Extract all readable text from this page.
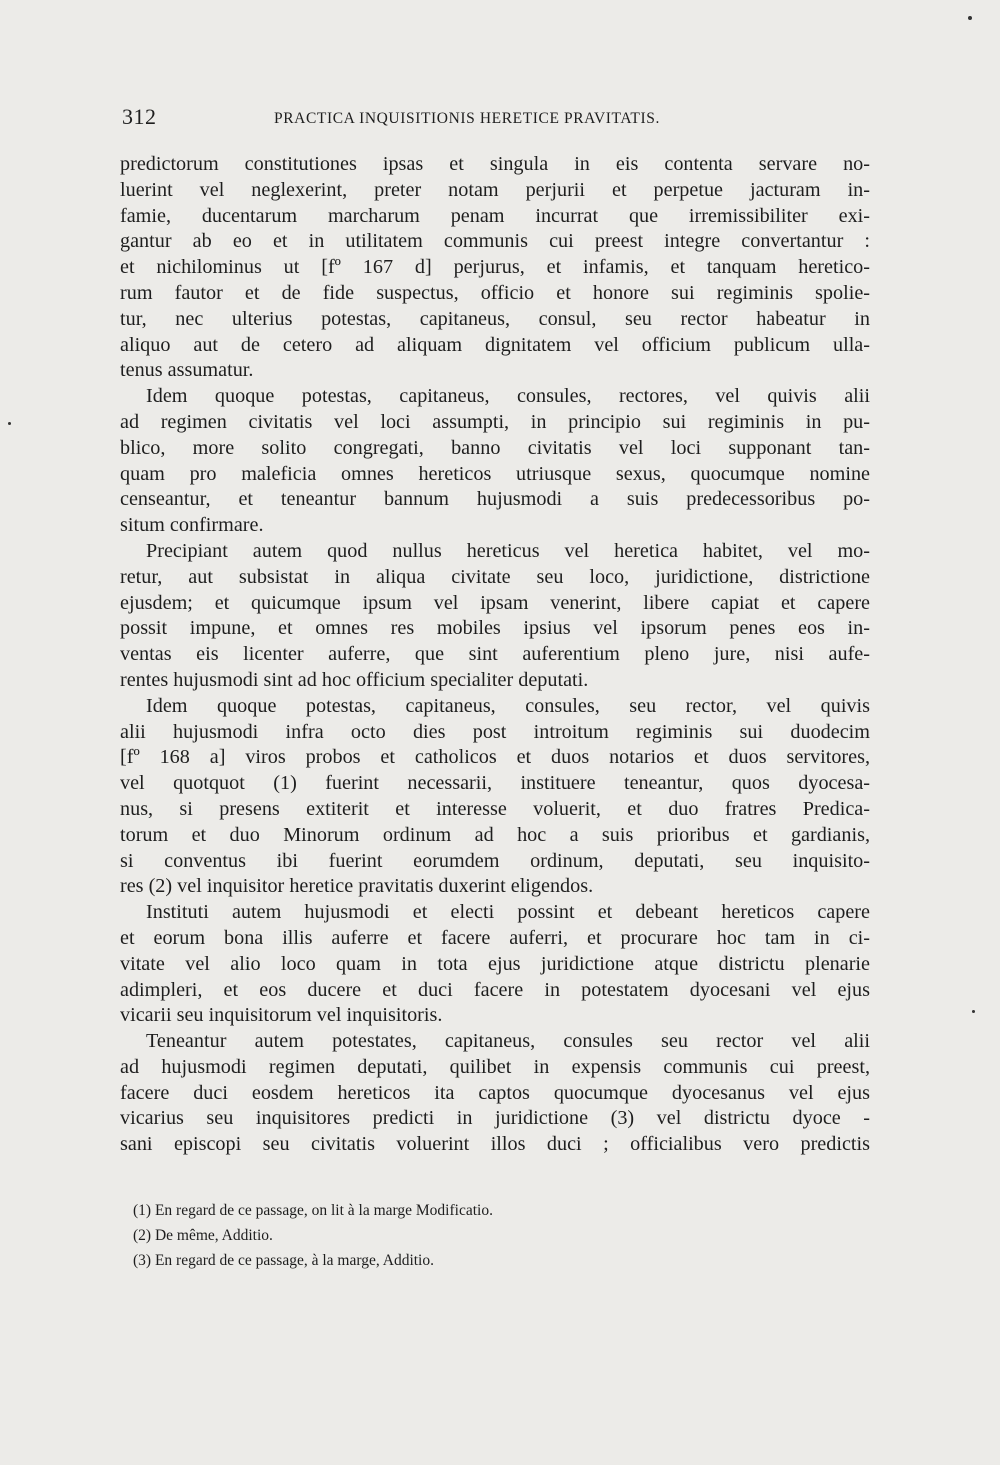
312	PRACTICA INQUISITIONIS HERETICE PRAVITATIS.
predictorum constitutiones ipsas et singula in eis contenta servare no-
luerint vel neglexerint, preter notam perjurii et perpetue jacturam in-
famie, ducentarum marcharum penam incurrat que irremissibiliter exi-
gantur ab eo et in utilitatem communis cui preest integre convertantur :
et nichilominus ut [fº 167 d] perjurus, et infamis, et tanquam heretico-
rum fautor et de fide suspectus, officio et honore sui regiminis spolie-
tur, nec ulterius potestas, capitaneus, consul, seu rector habeatur in
aliquo aut de cetero ad aliquam dignitatem vel officium publicum ulla-
tenus assumatur.
Idem quoque potestas, capitaneus, consules, rectores, vel quivis alii
ad regimen civitatis vel loci assumpti, in principio sui regiminis in pu-
blico, more solito congregati, banno civitatis vel loci supponant tan-
quam pro maleficia omnes hereticos utriusque sexus, quocumque nomine
censeantur, et teneantur bannum hujusmodi a suis predecessoribus po-
situm confirmare.
Precipiant autem quod nullus hereticus vel heretica habitet, vel mo-
retur, aut subsistat in aliqua civitate seu loco, juridictione, districtione
ejusdem; et quicumque ipsum vel ipsam venerint, libere capiat et capere
possit impune, et omnes res mobiles ipsius vel ipsorum penes eos in-
ventas eis licenter auferre, que sint auferentium pleno jure, nisi aufe-
rentes hujusmodi sint ad hoc officium specialiter deputati.
Idem quoque potestas, capitaneus, consules, seu rector, vel quivis
alii hujusmodi infra octo dies post introitum regiminis sui duodecim
[fº 168 a] viros probos et catholicos et duos notarios et duos servitores,
vel quotquot (1) fuerint necessarii, instituere teneantur, quos dyocesa-
nus, si presens extiterit et interesse voluerit, et duo fratres Predica-
torum et duo Minorum ordinum ad hoc a suis prioribus et gardianis,
si conventus ibi fuerint eorumdem ordinum, deputati, seu inquisito-
res (2) vel inquisitor heretice pravitatis duxerint eligendos.
Instituti autem hujusmodi et electi possint et debeant hereticos capere
et eorum bona illis auferre et facere auferri, et procurare hoc tam in ci-
vitate vel alio loco quam in tota ejus juridictione atque districtu plenarie
adimpleri, et eos ducere et duci facere in potestatem dyocesani vel ejus
vicarii seu inquisitorum vel inquisitoris.
Teneantur autem potestates, capitaneus, consules seu rector vel alii
ad hujusmodi regimen deputati, quilibet in expensis communis cui preest,
facere duci eosdem hereticos ita captos quocumque dyocesanus vel ejus
vicarius seu inquisitores predicti in juridictione (3) vel districtu dyoce -
sani episcopi seu civitatis voluerint illos duci ; officialibus vero predictis
(1) En regard de ce passage, on lit à la marge Modificatio.
(2) De même, Additio.
(3) En regard de ce passage, à la marge, Additio.
